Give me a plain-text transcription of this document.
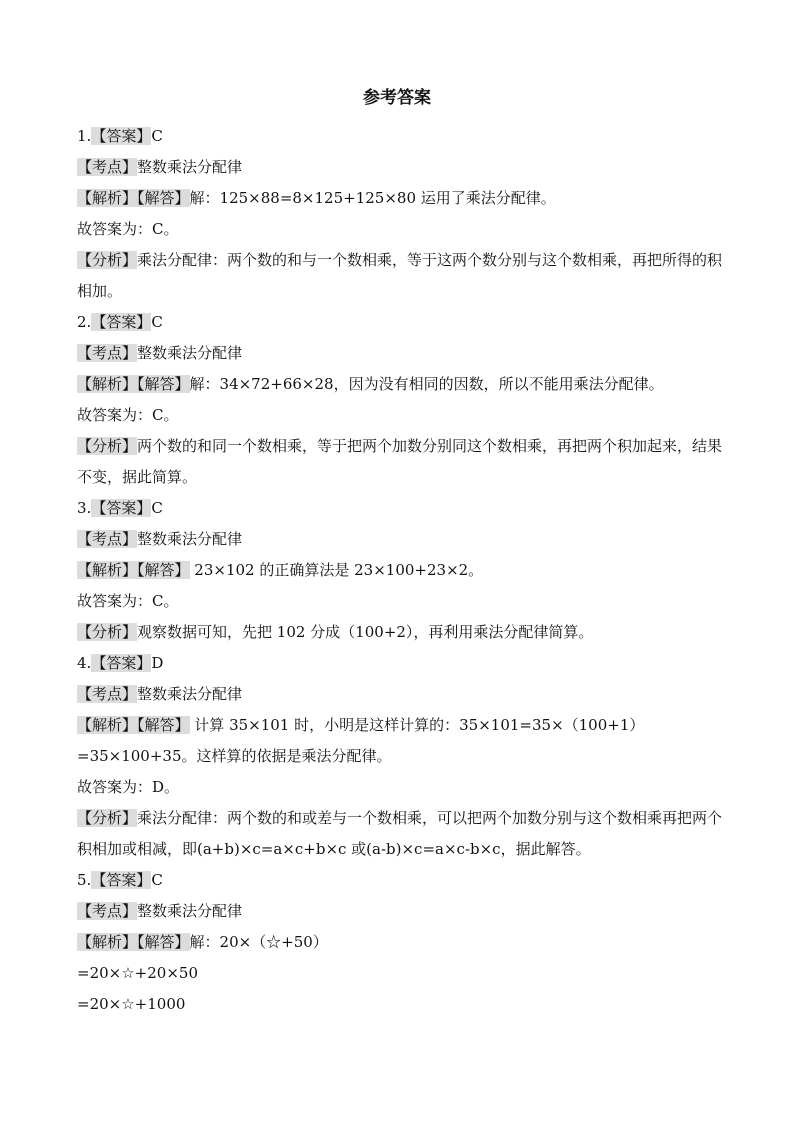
参考答案
1.【答案】C
【考点】整数乘法分配律
【解析】【解答】解：125×88=8×125+125×80 运用了乘法分配律。
故答案为：C。
【分析】乘法分配律：两个数的和与一个数相乘，等于这两个数分别与这个数相乘，再把所得的积相加。
2.【答案】C
【考点】整数乘法分配律
【解析】【解答】解：34×72+66×28，因为没有相同的因数，所以不能用乘法分配律。
故答案为：C。
【分析】两个数的和同一个数相乘，等于把两个加数分别同这个数相乘，再把两个积加起来，结果不变，据此简算。
3.【答案】C
【考点】整数乘法分配律
【解析】【解答】 23×102 的正确算法是 23×100+23×2。
故答案为：C。
【分析】观察数据可知，先把 102 分成（100+2），再利用乘法分配律简算。
4.【答案】D
【考点】整数乘法分配律
【解析】【解答】 计算 35×101 时，小明是这样计算的：35×101=35×（100+1）=35×100+35。这样算的依据是乘法分配律。
故答案为：D。
【分析】乘法分配律：两个数的和或差与一个数相乘，可以把两个加数分别与这个数相乘再把两个积相加或相减，即(a+b)×c=a×c+b×c 或(a-b)×c=a×c-b×c，据此解答。
5.【答案】C
【考点】整数乘法分配律
【解析】【解答】解：20×（☆+50）
=20×☆+20×50
=20×☆+1000
